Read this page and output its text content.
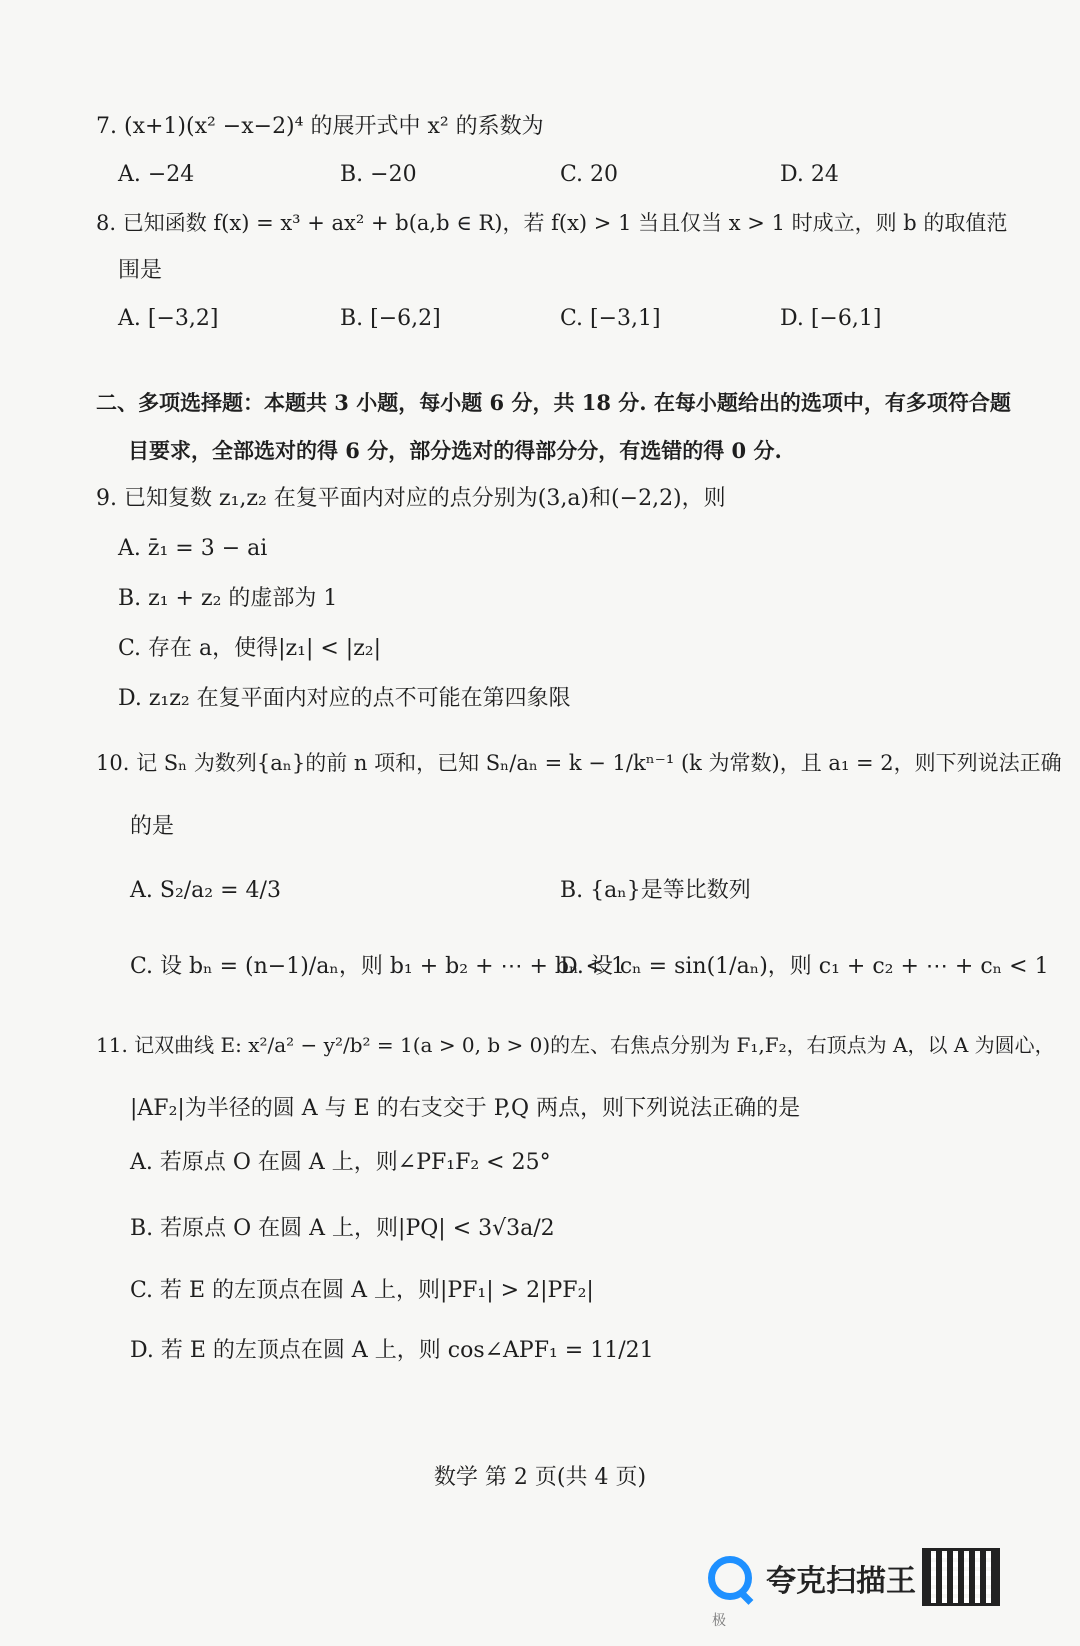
7. (x+1)(x² −x−2)⁴ 的展开式中 x² 的系数为
A. −24	B. −20	C. 20	D. 24
8. 已知函数 f(x) = x³ + ax² + b(a,b ∈ R)，若 f(x) > 1 当且仅当 x > 1 时成立，则 b 的取值范
围是
A. [−3,2]	B. [−6,2]	C. [−3,1]	D. [−6,1]
二、多项选择题：本题共 3 小题，每小题 6 分，共 18 分. 在每小题给出的选项中，有多项符合题
目要求，全部选对的得 6 分，部分选对的得部分分，有选错的得 0 分.
9. 已知复数 z₁,z₂ 在复平面内对应的点分别为(3,a)和(−2,2)，则
A. z̄₁ = 3 − ai
B. z₁ + z₂ 的虚部为 1
C. 存在 a，使得|z₁| < |z₂|
D. z₁z₂ 在复平面内对应的点不可能在第四象限
10. 记 Sₙ 为数列{aₙ}的前 n 项和，已知 Sₙ/aₙ = k − 1/kⁿ⁻¹ (k 为常数)，且 a₁ = 2，则下列说法正确
的是
A. S₂/a₂ = 4/3	B. {aₙ}是等比数列
C. 设 bₙ = (n−1)/aₙ，则 b₁ + b₂ + ⋯ + bₙ < 1
D. 设 cₙ = sin(1/aₙ)，则 c₁ + c₂ + ⋯ + cₙ < 1
11. 记双曲线 E: x²/a² − y²/b² = 1(a > 0, b > 0)的左、右焦点分别为 F₁,F₂，右顶点为 A，以 A 为圆心，
|AF₂|为半径的圆 A 与 E 的右支交于 P,Q 两点，则下列说法正确的是
A. 若原点 O 在圆 A 上，则∠PF₁F₂ < 25°
B. 若原点 O 在圆 A 上，则|PQ| < 3√3a/2
C. 若 E 的左顶点在圆 A 上，则|PF₁| > 2|PF₂|
D. 若 E 的左顶点在圆 A 上，则 cos∠APF₁ = 11/21
数学 第 2 页(共 4 页)
夸克扫描王
极
